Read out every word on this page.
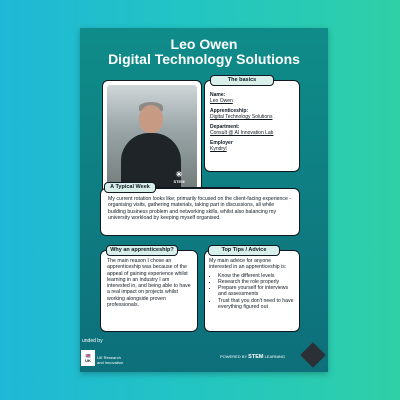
Leo Owen
Digital Technology Solutions
✳
STEM
The basics
Name:
Leo Owen
Apprenticeship:
Digital Technology Solutions
Department:
Consult @ AI Innovation Lab
Employer
Kyndryl
A Typical Week
My current rotation looks like; primarily focused on the client-facing experience - organising visits, gathering materials, taking part in discussions, all while building business problem and networking skills, whilst also balancing my university workload by keeping myself organised.
Why an apprenticeship?
The main reason I chose an apprenticeship was because of the appeal of gaining experience whilst learning in an industry I am interested in, and being able to have a real impact on projects whilst working alongside proven professionals.
Top Tips / Advice
My main advice for anyone interested in an apprenticeship is:
• Know the different levels
• Research the role properly
• Prepare yourself for interviews and assessments
• Trust that you don't need to have everything figured out
unded by
🇬🇧
UK
UK Research
and Innovation
POWERED BY STEM LEARNING
